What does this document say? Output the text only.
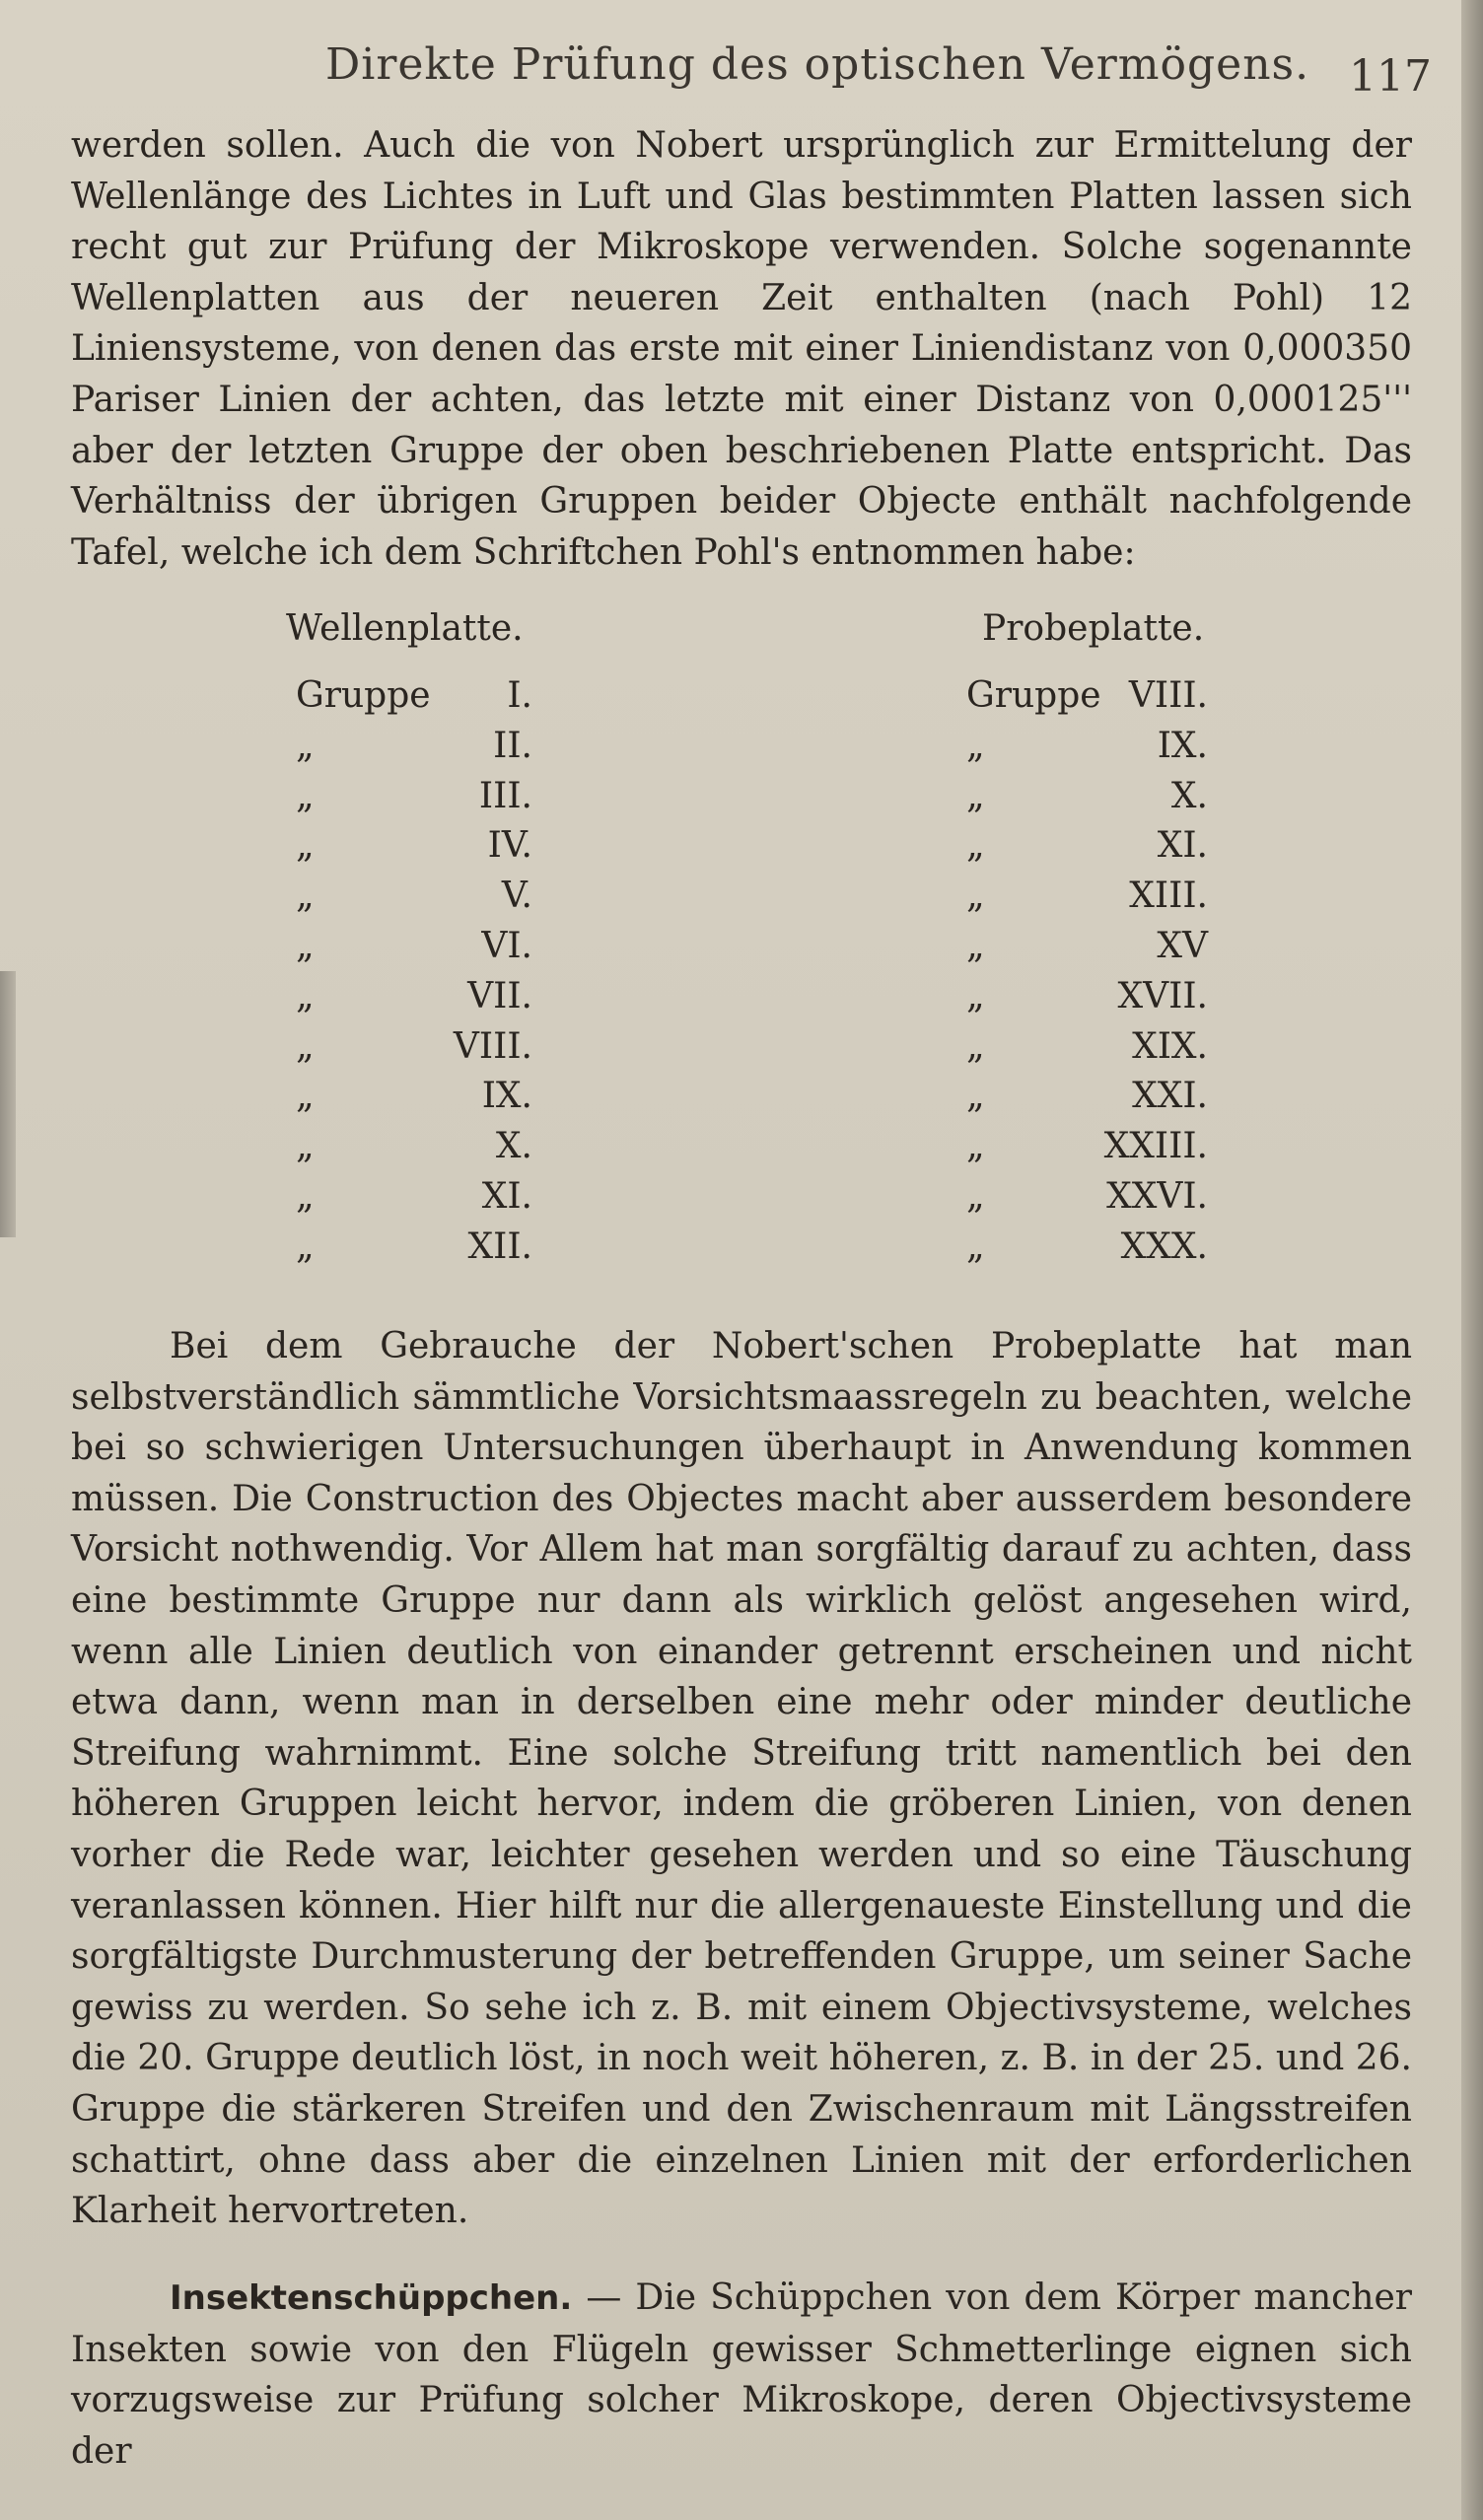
Direkte Prüfung des optischen Vermögens. 117

werden sollen. Auch die von Nobert ursprünglich zur Ermittelung der Wellenlänge des Lichtes in Luft und Glas bestimmten Platten lassen sich recht gut zur Prüfung der Mikroskope verwenden. Solche sogenannte Wellenplatten aus der neueren Zeit enthalten (nach Pohl) 12 Liniensysteme, von denen das erste mit einer Liniendistanz von 0,000350 Pariser Linien der achten, das letzte mit einer Distanz von 0,000125''' aber der letzten Gruppe der oben beschriebenen Platte entspricht. Das Verhältniss der übrigen Gruppen beider Objecte enthält nachfolgende Tafel, welche ich dem Schriftchen Pohl's entnommen habe:

Wellenplatte.	Probeplatte.
Gruppe	I.	Gruppe VIII.
„	II.	„	IX.
„	III.	„	X.
„	IV.	„	XI.
„	V.	„	XIII.
„	VI.	„	XV
„	VII.	„	XVII.
„	VIII.	„	XIX.
„	IX.	„	XXI.
„	X.	„	XXIII.
„	XI.	„	XXVI.
„	XII.	„	XXX.

Bei dem Gebrauche der Nobert'schen Probeplatte hat man selbstverständlich sämmtliche Vorsichtsmaassregeln zu beachten, welche bei so schwierigen Untersuchungen überhaupt in Anwendung kommen müssen. Die Construction des Objectes macht aber ausserdem besondere Vorsicht nothwendig. Vor Allem hat man sorgfältig darauf zu achten, dass eine bestimmte Gruppe nur dann als wirklich gelöst angesehen wird, wenn alle Linien deutlich von einander getrennt erscheinen und nicht etwa dann, wenn man in derselben eine mehr oder minder deutliche Streifung wahrnimmt. Eine solche Streifung tritt namentlich bei den höheren Gruppen leicht hervor, indem die gröberen Linien, von denen vorher die Rede war, leichter gesehen werden und so eine Täuschung veranlassen können. Hier hilft nur die allergenaueste Einstellung und die sorgfältigste Durchmusterung der betreffenden Gruppe, um seiner Sache gewiss zu werden. So sehe ich z. B. mit einem Objectivsysteme, welches die 20. Gruppe deutlich löst, in noch weit höheren, z. B. in der 25. und 26. Gruppe die stärkeren Streifen und den Zwischenraum mit Längsstreifen schattirt, ohne dass aber die einzelnen Linien mit der erforderlichen Klarheit hervortreten.

Insektenschüppchen. — Die Schüppchen von dem Körper mancher Insekten sowie von den Flügeln gewisser Schmetterlinge eignen sich vorzugsweise zur Prüfung solcher Mikroskope, deren Objectivsysteme der
